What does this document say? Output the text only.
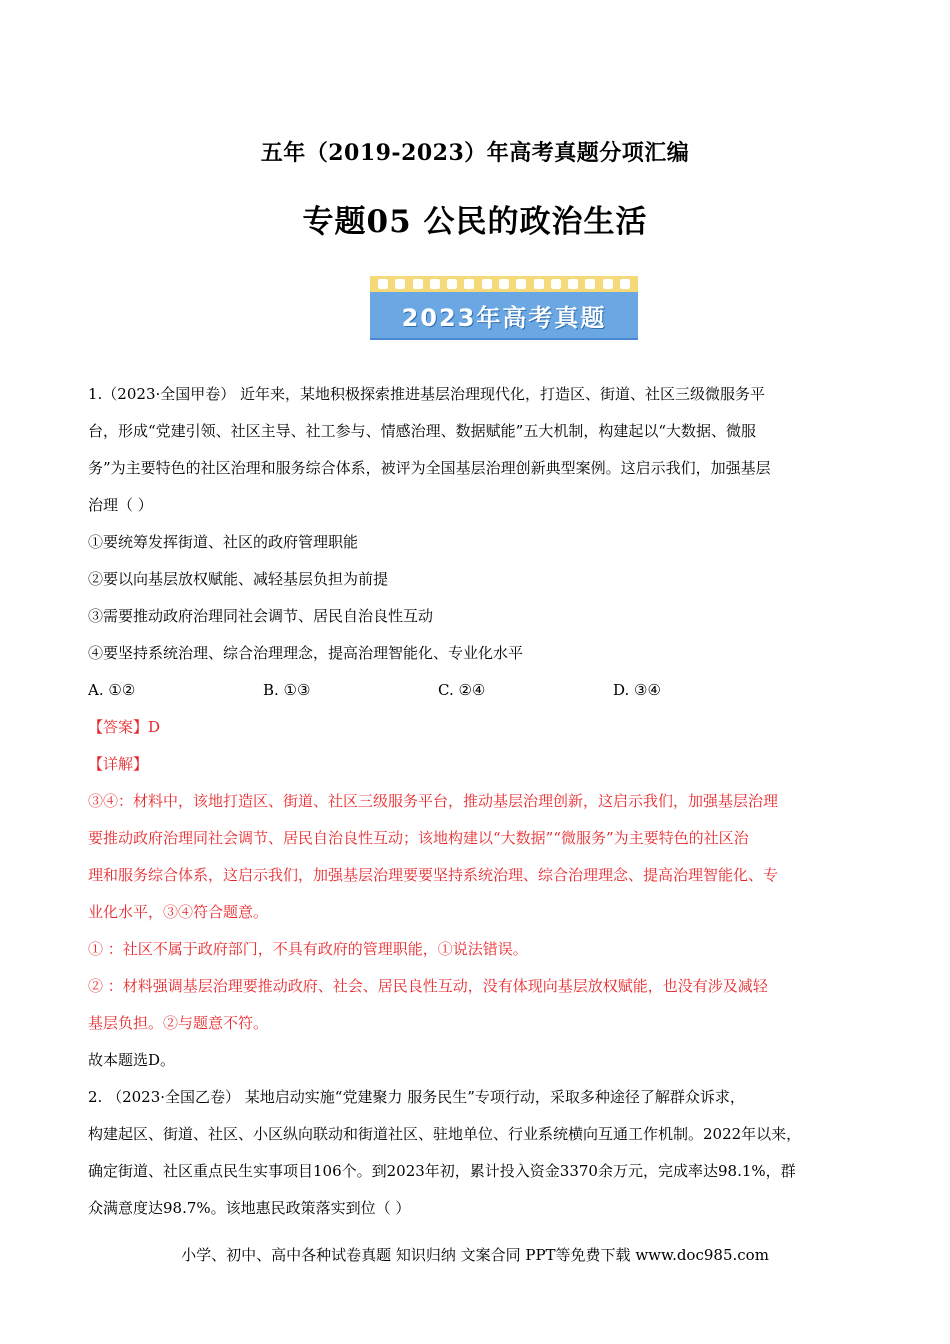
五年（2019-2023）年高考真题分项汇编
专题05 公民的政治生活
2023年高考真题
1.（2023·全国甲卷） 近年来，某地积极探索推进基层治理现代化，打造区、街道、社区三级微服务平
台，形成“党建引领、社区主导、社工参与、情感治理、数据赋能”五大机制，构建起以“大数据、微服
务”为主要特色的社区治理和服务综合体系，被评为全国基层治理创新典型案例。这启示我们，加强基层
治理（ ）
①要统筹发挥街道、社区的政府管理职能
②要以向基层放权赋能、减轻基层负担为前提
③需要推动政府治理同社会调节、居民自治良性互动
④要坚持系统治理、综合治理理念，提高治理智能化、专业化水平
A. ①②	B. ①③	C. ②④	D. ③④
【答案】D
【详解】
③④：材料中，该地打造区、街道、社区三级服务平台，推动基层治理创新，这启示我们，加强基层治理
要推动政府治理同社会调节、居民自治良性互动；该地构建以“大数据”“微服务”为主要特色的社区治
理和服务综合体系，这启示我们，加强基层治理要要坚持系统治理、综合治理理念、提高治理智能化、专
业化水平，③④符合题意。
① ：社区不属于政府部门，不具有政府的管理职能，①说法错误。
② ：材料强调基层治理要推动政府、社会、居民良性互动，没有体现向基层放权赋能，也没有涉及减轻
基层负担。②与题意不符。
故本题选D。
2. （2023·全国乙卷） 某地启动实施“党建聚力 服务民生”专项行动，采取多种途径了解群众诉求，
构建起区、街道、社区、小区纵向联动和街道社区、驻地单位、行业系统横向互通工作机制。2022年以来，
确定街道、社区重点民生实事项目106个。到2023年初，累计投入资金3370余万元，完成率达98.1%，群
众满意度达98.7%。该地惠民政策落实到位（ ）
小学、初中、高中各种试卷真题 知识归纳 文案合同 PPT等免费下载 www.doc985.com
